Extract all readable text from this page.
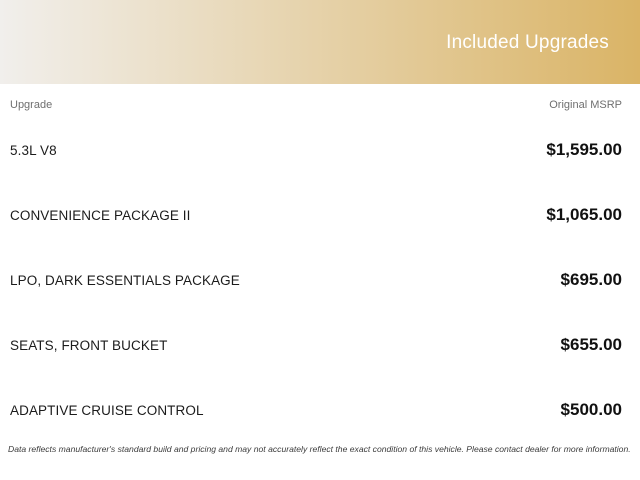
Included Upgrades
Upgrade	Original MSRP
5.3L V8	$1,595.00
CONVENIENCE PACKAGE II	$1,065.00
LPO, DARK ESSENTIALS PACKAGE	$695.00
SEATS, FRONT BUCKET	$655.00
ADAPTIVE CRUISE CONTROL	$500.00
Data reflects manufacturer's standard build and pricing and may not accurately reflect the exact condition of this vehicle. Please contact dealer for more information.
